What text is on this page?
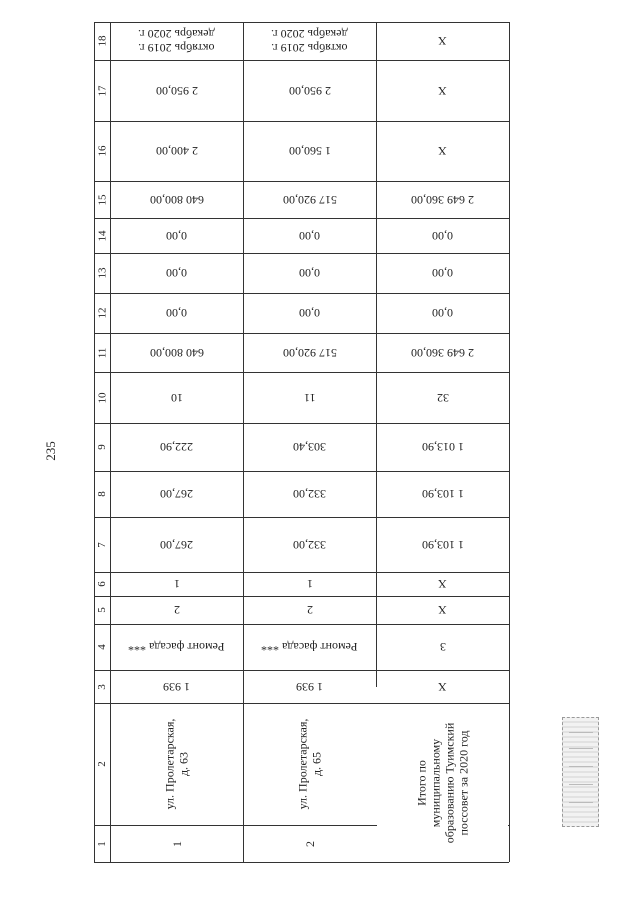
235
18
17
16
15
14
13
12
11
10
9
8
7
6
5
4
3
2
1
октябрь 2019 г.
декабрь 2020 г.
2 950,00
2 400,00
640 800,00
0,00
0,00
0,00
640 800,00
10
222,90
267,00
267,00
1
2
Ремонт фасада ***
1 939
ул. Пролетарская,
д. 63
1
октябрь 2019 г.
декабрь 2020 г.
2 950,00
1 560,00
517 920,00
0,00
0,00
0,00
517 920,00
11
303,40
332,00
332,00
1
2
Ремонт фасада ***
1 939
ул. Пролетарская,
д. 65
2
X
X
X
2 649 360,00
0,00
0,00
0,00
2 649 360,00
32
1 013,90
1 103,90
1 103,90
X
X
3
X
Итого по муниципальному
образованию Туимский
поссовет за 2020 год
